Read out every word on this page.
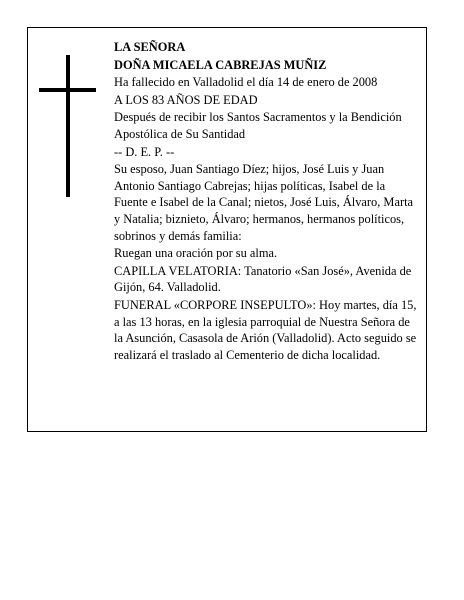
LA SEÑORA

DOÑA MICAELA CABREJAS MUÑIZ

Ha fallecido en Valladolid el día 14 de enero de 2008

A LOS 83 AÑOS DE EDAD

Después de recibir los Santos Sacramentos y la Bendición Apostólica de Su Santidad

-- D. E. P. --

Su esposo, Juan Santiago Díez; hijos, José Luis y Juan Antonio Santiago Cabrejas; hijas políticas, Isabel de la Fuente e Isabel de la Canal; nietos, José Luis, Álvaro, Marta y Natalia; biznieto, Álvaro; hermanos, hermanos políticos, sobrinos y demás familia:

Ruegan una oración por su alma.

CAPILLA VELATORIA: Tanatorio «San José», Avenida de Gijón, 64. Valladolid.

FUNERAL «CORPORE INSEPULTO»: Hoy martes, día 15, a las 13 horas, en la iglesia parroquial de Nuestra Señora de la Asunción, Casasola de Arión (Valladolid). Acto seguido se realizará el traslado al Cementerio de dicha localidad.
